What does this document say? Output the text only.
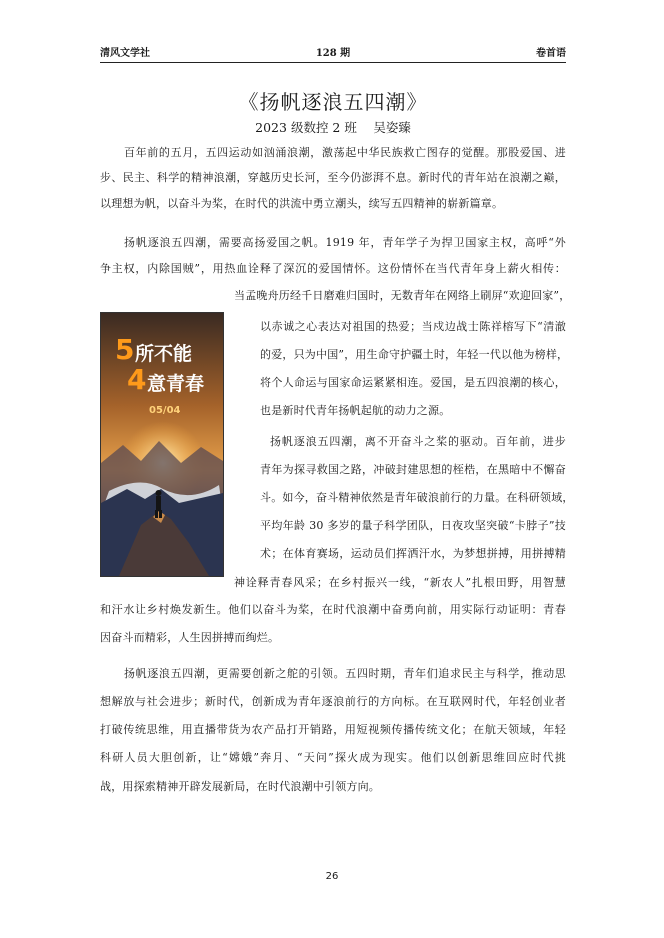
清风文学社	128 期	卷首语
《扬帆逐浪五四潮》
2023 级数控 2 班　 吴姿臻
百年前的五月，五四运动如汹涌浪潮，激荡起中华民族救亡图存的觉醒。那股爱国、进
步、民主、科学的精神浪潮，穿越历史长河，至今仍澎湃不息。新时代的青年站在浪潮之巅，
以理想为帆，以奋斗为桨，在时代的洪流中勇立潮头，续写五四精神的崭新篇章。
扬帆逐浪五四潮，需要高扬爱国之帆。1919 年，青年学子为捍卫国家主权，高呼“外
争主权，内除国贼”，用热血诠释了深沉的爱国情怀。这份情怀在当代青年身上薪火相传：
当孟晚舟历经千日磨难归国时，无数青年在网络上刷屏“欢迎回家”，
以赤诚之心表达对祖国的热爱；当戍边战士陈祥榕写下“清澈
的爱，只为中国”，用生命守护疆土时，年轻一代以他为榜样，
将个人命运与国家命运紧紧相连。爱国，是五四浪潮的核心，
也是新时代青年扬帆起航的动力之源。
扬帆逐浪五四潮，离不开奋斗之桨的驱动。百年前，进步
青年为探寻救国之路，冲破封建思想的桎梏，在黑暗中不懈奋
斗。如今，奋斗精神依然是青年破浪前行的力量。在科研领域，
平均年龄 30 多岁的量子科学团队，日夜攻坚突破“卡脖子”技
术；在体育赛场，运动员们挥洒汗水，为梦想拼搏，用拼搏精
神诠释青春风采；在乡村振兴一线，“新农人”扎根田野，用智慧
和汗水让乡村焕发新生。他们以奋斗为桨，在时代浪潮中奋勇向前，用实际行动证明：青春
因奋斗而精彩，人生因拼搏而绚烂。
扬帆逐浪五四潮，更需要创新之舵的引领。五四时期，青年们追求民主与科学，推动思
想解放与社会进步；新时代，创新成为青年逐浪前行的方向标。在互联网时代，年轻创业者
打破传统思维，用直播带货为农产品打开销路，用短视频传播传统文化；在航天领域，年轻
科研人员大胆创新，让“嫦娥”奔月、“天问”探火成为现实。他们以创新思维回应时代挑
战，用探索精神开辟发展新局，在时代浪潮中引领方向。
5 所不能
4 意青春
05/04
26
